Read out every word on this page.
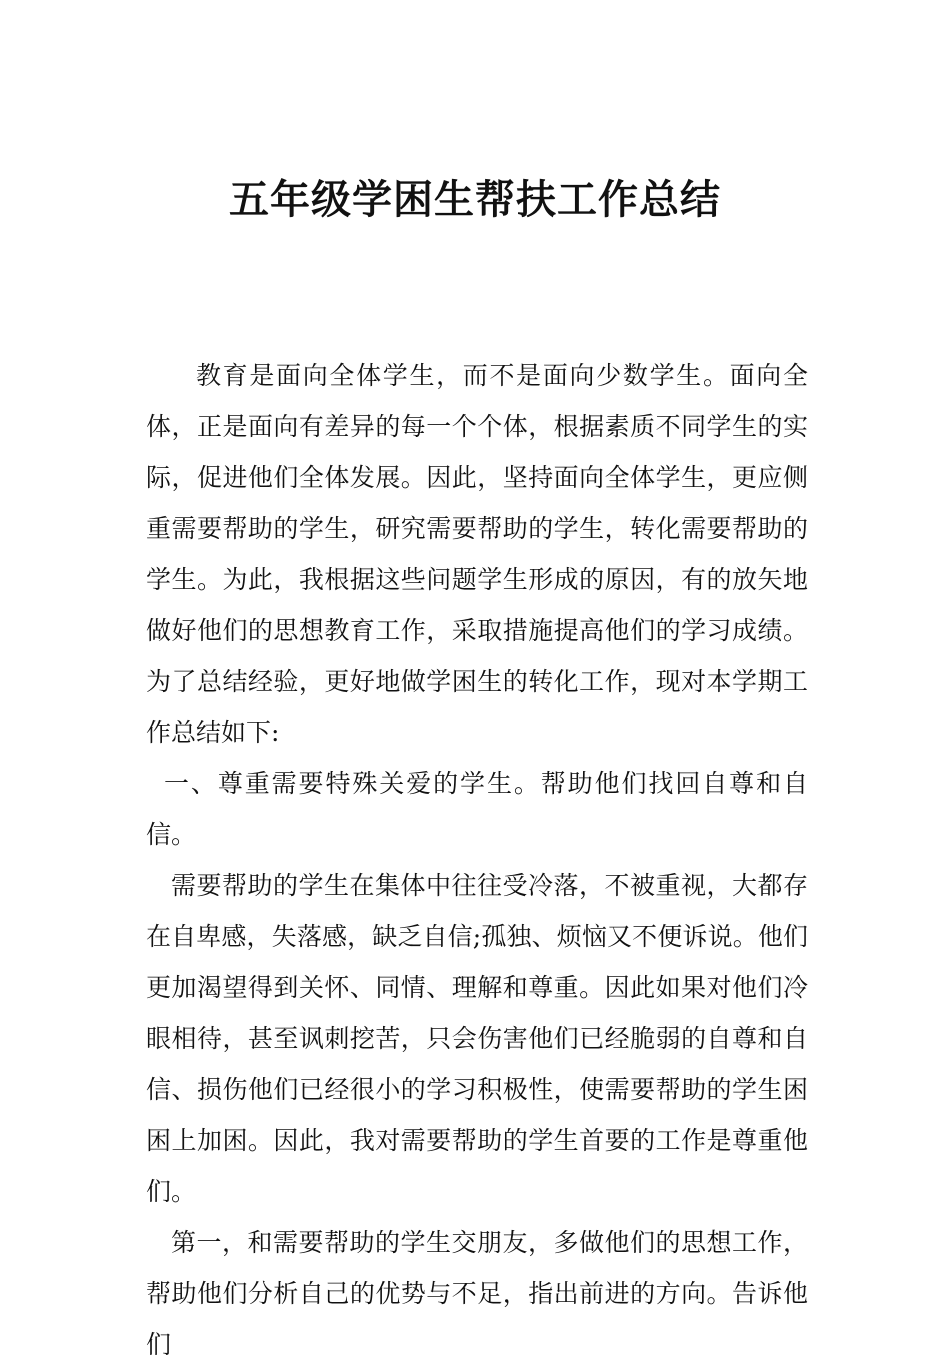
五年级学困生帮扶工作总结

教育是面向全体学生，而不是面向少数学生。面向全体，正是面向有差异的每一个个体，根据素质不同学生的实际，促进他们全体发展。因此，坚持面向全体学生，更应侧重需要帮助的学生，研究需要帮助的学生，转化需要帮助的学生。为此，我根据这些问题学生形成的原因，有的放矢地做好他们的思想教育工作，采取措施提高他们的学习成绩。为了总结经验，更好地做学困生的转化工作，现对本学期工作总结如下:

一、尊重需要特殊关爱的学生。帮助他们找回自尊和自信。

需要帮助的学生在集体中往往受冷落，不被重视，大都存在自卑感，失落感，缺乏自信;孤独、烦恼又不便诉说。他们更加渴望得到关怀、同情、理解和尊重。因此如果对他们冷眼相待，甚至讽刺挖苦，只会伤害他们已经脆弱的自尊和自信、损伤他们已经很小的学习积极性，使需要帮助的学生困困上加困。因此，我对需要帮助的学生首要的工作是尊重他们。

第一，和需要帮助的学生交朋友，多做他们的思想工作，帮助他们分析自己的优势与不足，指出前进的方向。告诉他们
